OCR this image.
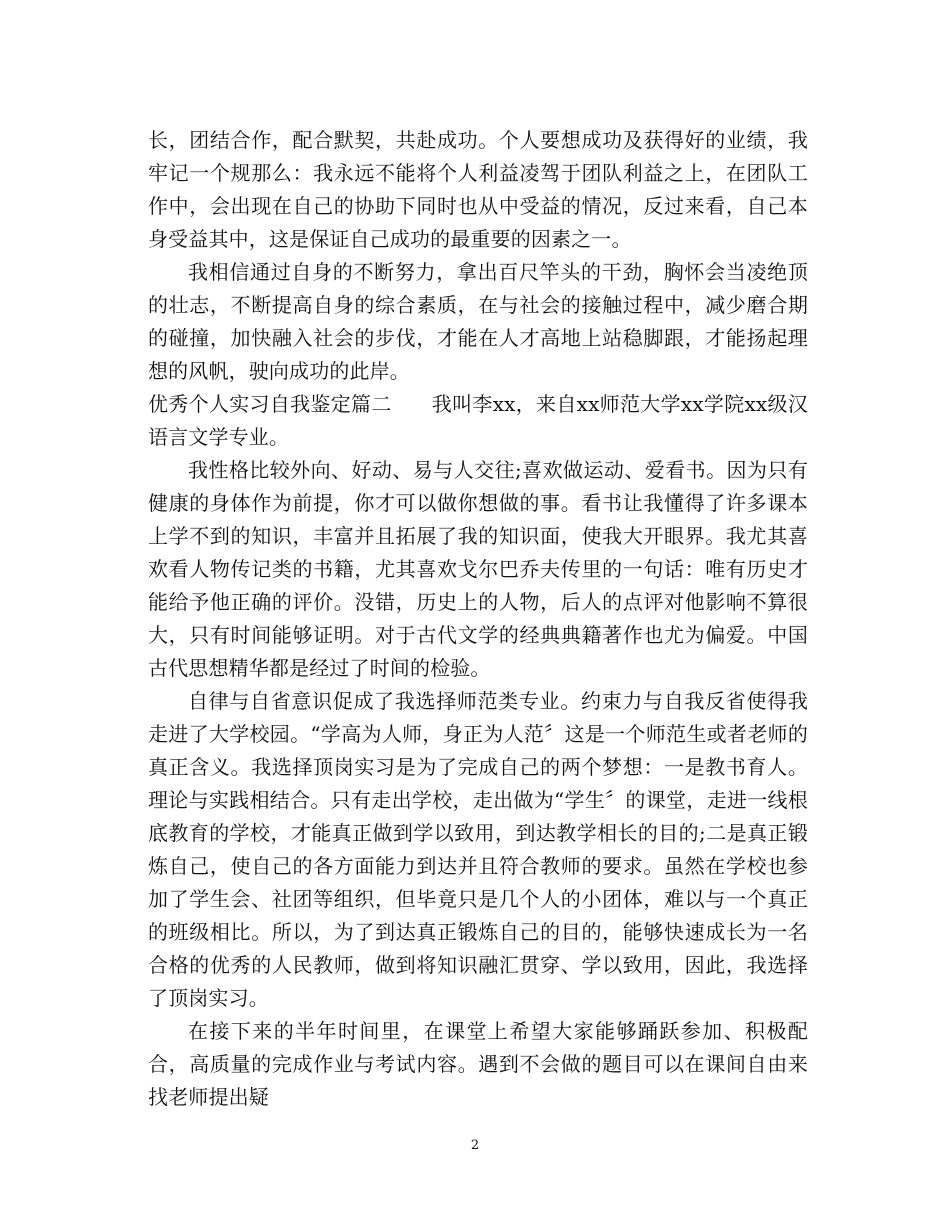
长，团结合作，配合默契，共赴成功。个人要想成功及获得好的业绩，我牢记一个规那么：我永远不能将个人利益凌驾于团队利益之上，在团队工作中，会出现在自己的协助下同时也从中受益的情况，反过来看，自己本身受益其中，这是保证自己成功的最重要的因素之一。

我相信通过自身的不断努力，拿出百尺竿头的干劲，胸怀会当凌绝顶的壮志，不断提高自身的综合素质，在与社会的接触过程中，减少磨合期的碰撞，加快融入社会的步伐，才能在人才高地上站稳脚跟，才能扬起理想的风帆，驶向成功的此岸。

优秀个人实习自我鉴定篇二 我叫李xx，来自xx师范大学xx学院xx级汉语言文学专业。

我性格比较外向、好动、易与人交往;喜欢做运动、爱看书。因为只有健康的身体作为前提，你才可以做你想做的事。看书让我懂得了许多课本上学不到的知识，丰富并且拓展了我的知识面，使我大开眼界。我尤其喜欢看人物传记类的书籍，尤其喜欢戈尔巴乔夫传里的一句话：唯有历史才能给予他正确的评价。没错，历史上的人物，后人的点评对他影响不算很大，只有时间能够证明。对于古代文学的经典典籍著作也尤为偏爱。中国古代思想精华都是经过了时间的检验。

自律与自省意识促成了我选择师范类专业。约束力与自我反省使得我走进了大学校园。“学高为人师，身正为人范〞这是一个师范生或者老师的真正含义。我选择顶岗实习是为了完成自己的两个梦想：一是教书育人。理论与实践相结合。只有走出学校，走出做为“学生〞的课堂，走进一线根底教育的学校，才能真正做到学以致用，到达教学相长的目的;二是真正锻炼自己，使自己的各方面能力到达并且符合教师的要求。虽然在学校也参加了学生会、社团等组织，但毕竟只是几个人的小团体，难以与一个真正的班级相比。所以，为了到达真正锻炼自己的目的，能够快速成长为一名合格的优秀的人民教师，做到将知识融汇贯穿、学以致用，因此，我选择了顶岗实习。

在接下来的半年时间里，在课堂上希望大家能够踊跃参加、积极配合，高质量的完成作业与考试内容。遇到不会做的题目可以在课间自由来找老师提出疑

2
